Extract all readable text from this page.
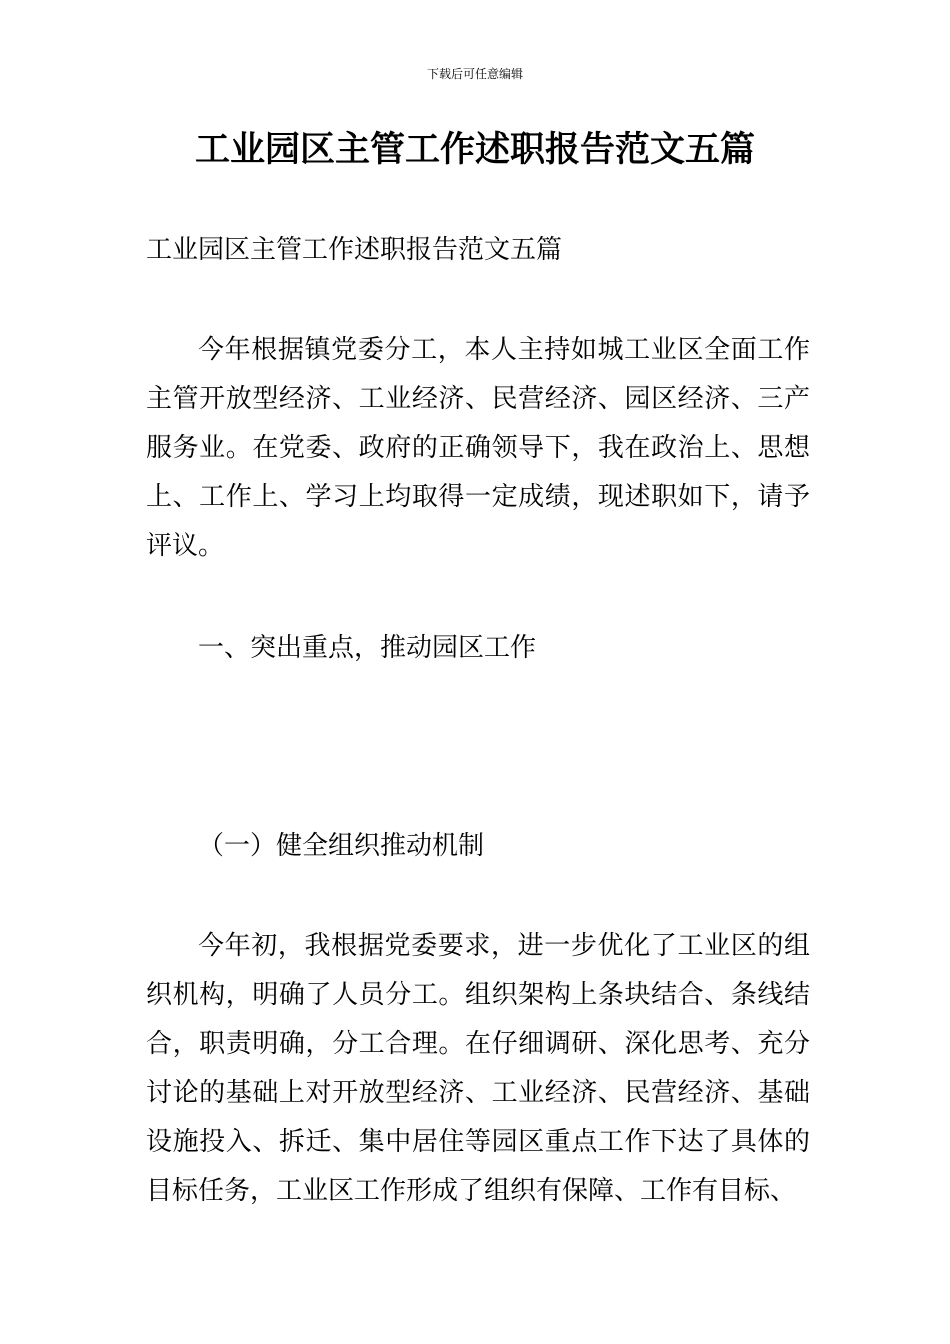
下载后可任意编辑
工业园区主管工作述职报告范文五篇

工业园区主管工作述职报告范文五篇

今年根据镇党委分工，本人主持如城工业区全面工作主管开放型经济、工业经济、民营经济、园区经济、三产服务业。在党委、政府的正确领导下，我在政治上、思想上、工作上、学习上均取得一定成绩，现述职如下，请予评议。

一、突出重点，推动园区工作

（一）健全组织推动机制

今年初，我根据党委要求，进一步优化了工业区的组织机构，明确了人员分工。组织架构上条块结合、条线结合，职责明确，分工合理。在仔细调研、深化思考、充分讨论的基础上对开放型经济、工业经济、民营经济、基础设施投入、拆迁、集中居住等园区重点工作下达了具体的目标任务，工业区工作形成了组织有保障、工作有目标、
